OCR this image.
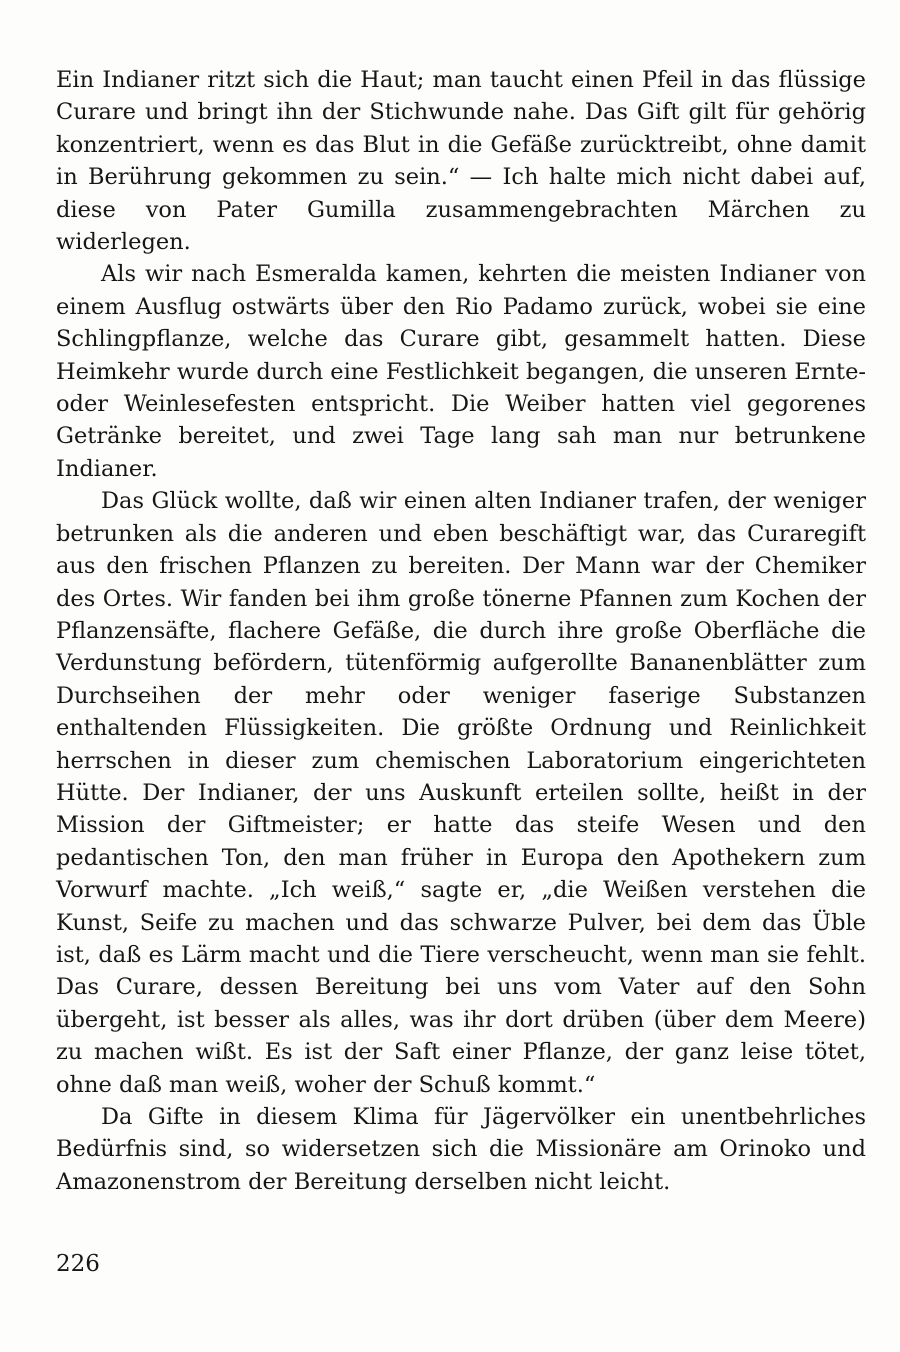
Ein Indianer ritzt sich die Haut; man taucht einen Pfeil in das flüssige Curare und bringt ihn der Stichwunde nahe. Das Gift gilt für gehörig konzentriert, wenn es das Blut in die Gefäße zurücktreibt, ohne damit in Berührung gekommen zu sein.“ — Ich halte mich nicht dabei auf, diese von Pater Gumilla zusammengebrachten Märchen zu widerlegen.

Als wir nach Esmeralda kamen, kehrten die meisten Indianer von einem Ausflug ostwärts über den Rio Padamo zurück, wobei sie eine Schlingpflanze, welche das Curare gibt, gesammelt hatten. Diese Heimkehr wurde durch eine Festlichkeit begangen, die unseren Ernte- oder Weinlesefesten entspricht. Die Weiber hatten viel gegorenes Getränke bereitet, und zwei Tage lang sah man nur betrunkene Indianer.

Das Glück wollte, daß wir einen alten Indianer trafen, der weniger betrunken als die anderen und eben beschäftigt war, das Curaregift aus den frischen Pflanzen zu bereiten. Der Mann war der Chemiker des Ortes. Wir fanden bei ihm große tönerne Pfannen zum Kochen der Pflanzensäfte, flachere Gefäße, die durch ihre große Oberfläche die Verdunstung befördern, tütenförmig aufgerollte Bananenblätter zum Durchseihen der mehr oder weniger faserige Substanzen enthaltenden Flüssigkeiten. Die größte Ordnung und Reinlichkeit herrschen in dieser zum chemischen Laboratorium eingerichteten Hütte. Der Indianer, der uns Auskunft erteilen sollte, heißt in der Mission der Giftmeister; er hatte das steife Wesen und den pedantischen Ton, den man früher in Europa den Apothekern zum Vorwurf machte. „Ich weiß,“ sagte er, „die Weißen verstehen die Kunst, Seife zu machen und das schwarze Pulver, bei dem das Üble ist, daß es Lärm macht und die Tiere verscheucht, wenn man sie fehlt. Das Curare, dessen Bereitung bei uns vom Vater auf den Sohn übergeht, ist besser als alles, was ihr dort drüben (über dem Meere) zu machen wißt. Es ist der Saft einer Pflanze, der ganz leise tötet, ohne daß man weiß, woher der Schuß kommt.“

Da Gifte in diesem Klima für Jägervölker ein unentbehrliches Bedürfnis sind, so widersetzen sich die Missionäre am Orinoko und Amazonenstrom der Bereitung derselben nicht leicht.

226
